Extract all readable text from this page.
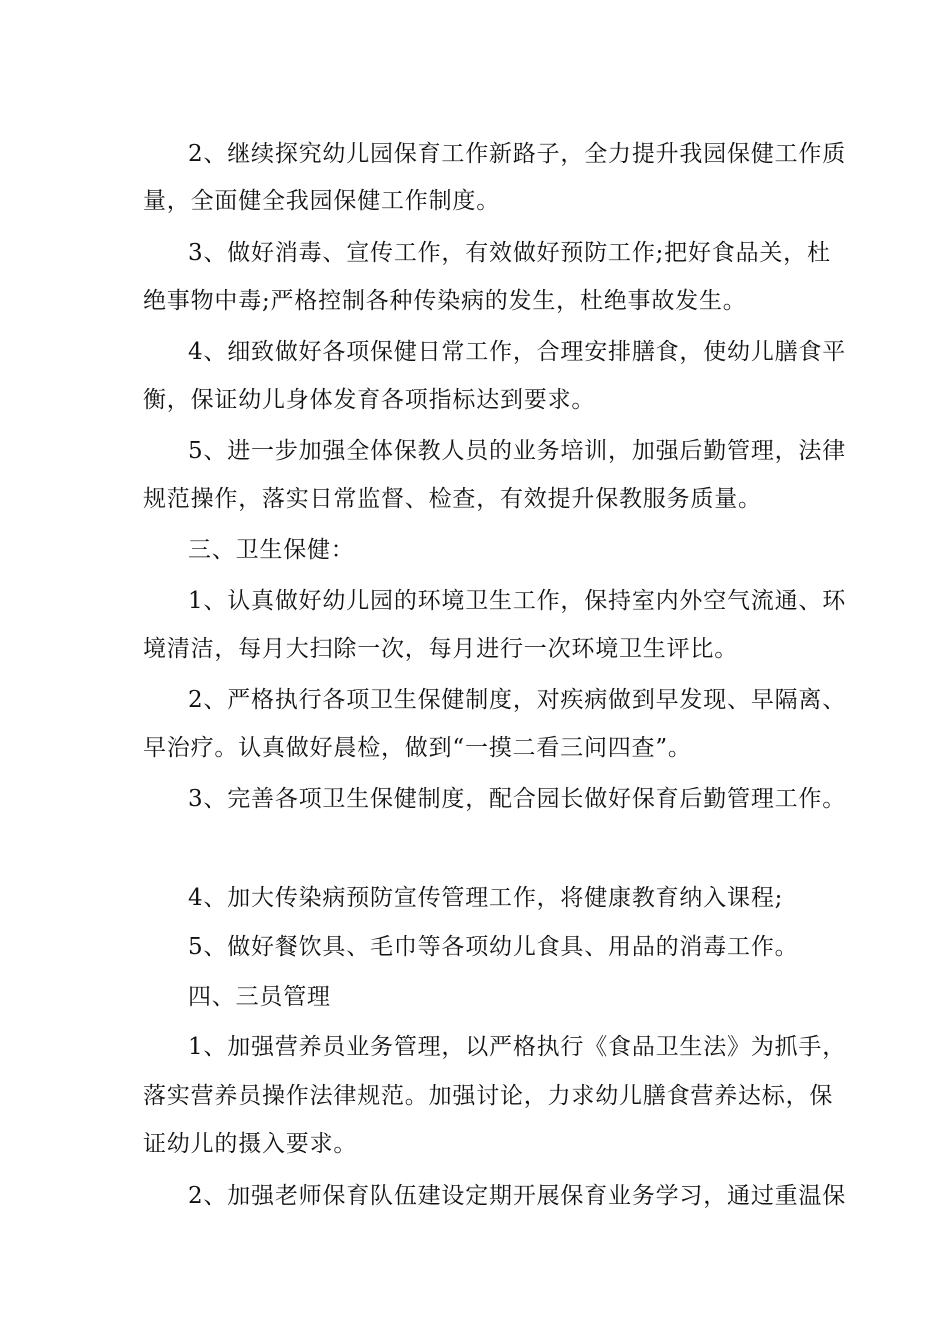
2、继续探究幼儿园保育工作新路子，全力提升我园保健工作质

量，全面健全我园保健工作制度。

3、做好消毒、宣传工作，有效做好预防工作;把好食品关，杜

绝事物中毒;严格控制各种传染病的发生，杜绝事故发生。

4、细致做好各项保健日常工作，合理安排膳食，使幼儿膳食平

衡，保证幼儿身体发育各项指标达到要求。

5、进一步加强全体保教人员的业务培训，加强后勤管理，法律

规范操作，落实日常监督、检查，有效提升保教服务质量。

三、卫生保健：

1、认真做好幼儿园的环境卫生工作，保持室内外空气流通、环

境清洁，每月大扫除一次，每月进行一次环境卫生评比。

2、严格执行各项卫生保健制度，对疾病做到早发现、早隔离、

早治疗。认真做好晨检，做到“一摸二看三问四查”。

3、完善各项卫生保健制度，配合园长做好保育后勤管理工作。

4、加大传染病预防宣传管理工作，将健康教育纳入课程;

5、做好餐饮具、毛巾等各项幼儿食具、用品的消毒工作。

四、三员管理

1、加强营养员业务管理，以严格执行《食品卫生法》为抓手，

落实营养员操作法律规范。加强讨论，力求幼儿膳食营养达标，保

证幼儿的摄入要求。

2、加强老师保育队伍建设定期开展保育业务学习，通过重温保
